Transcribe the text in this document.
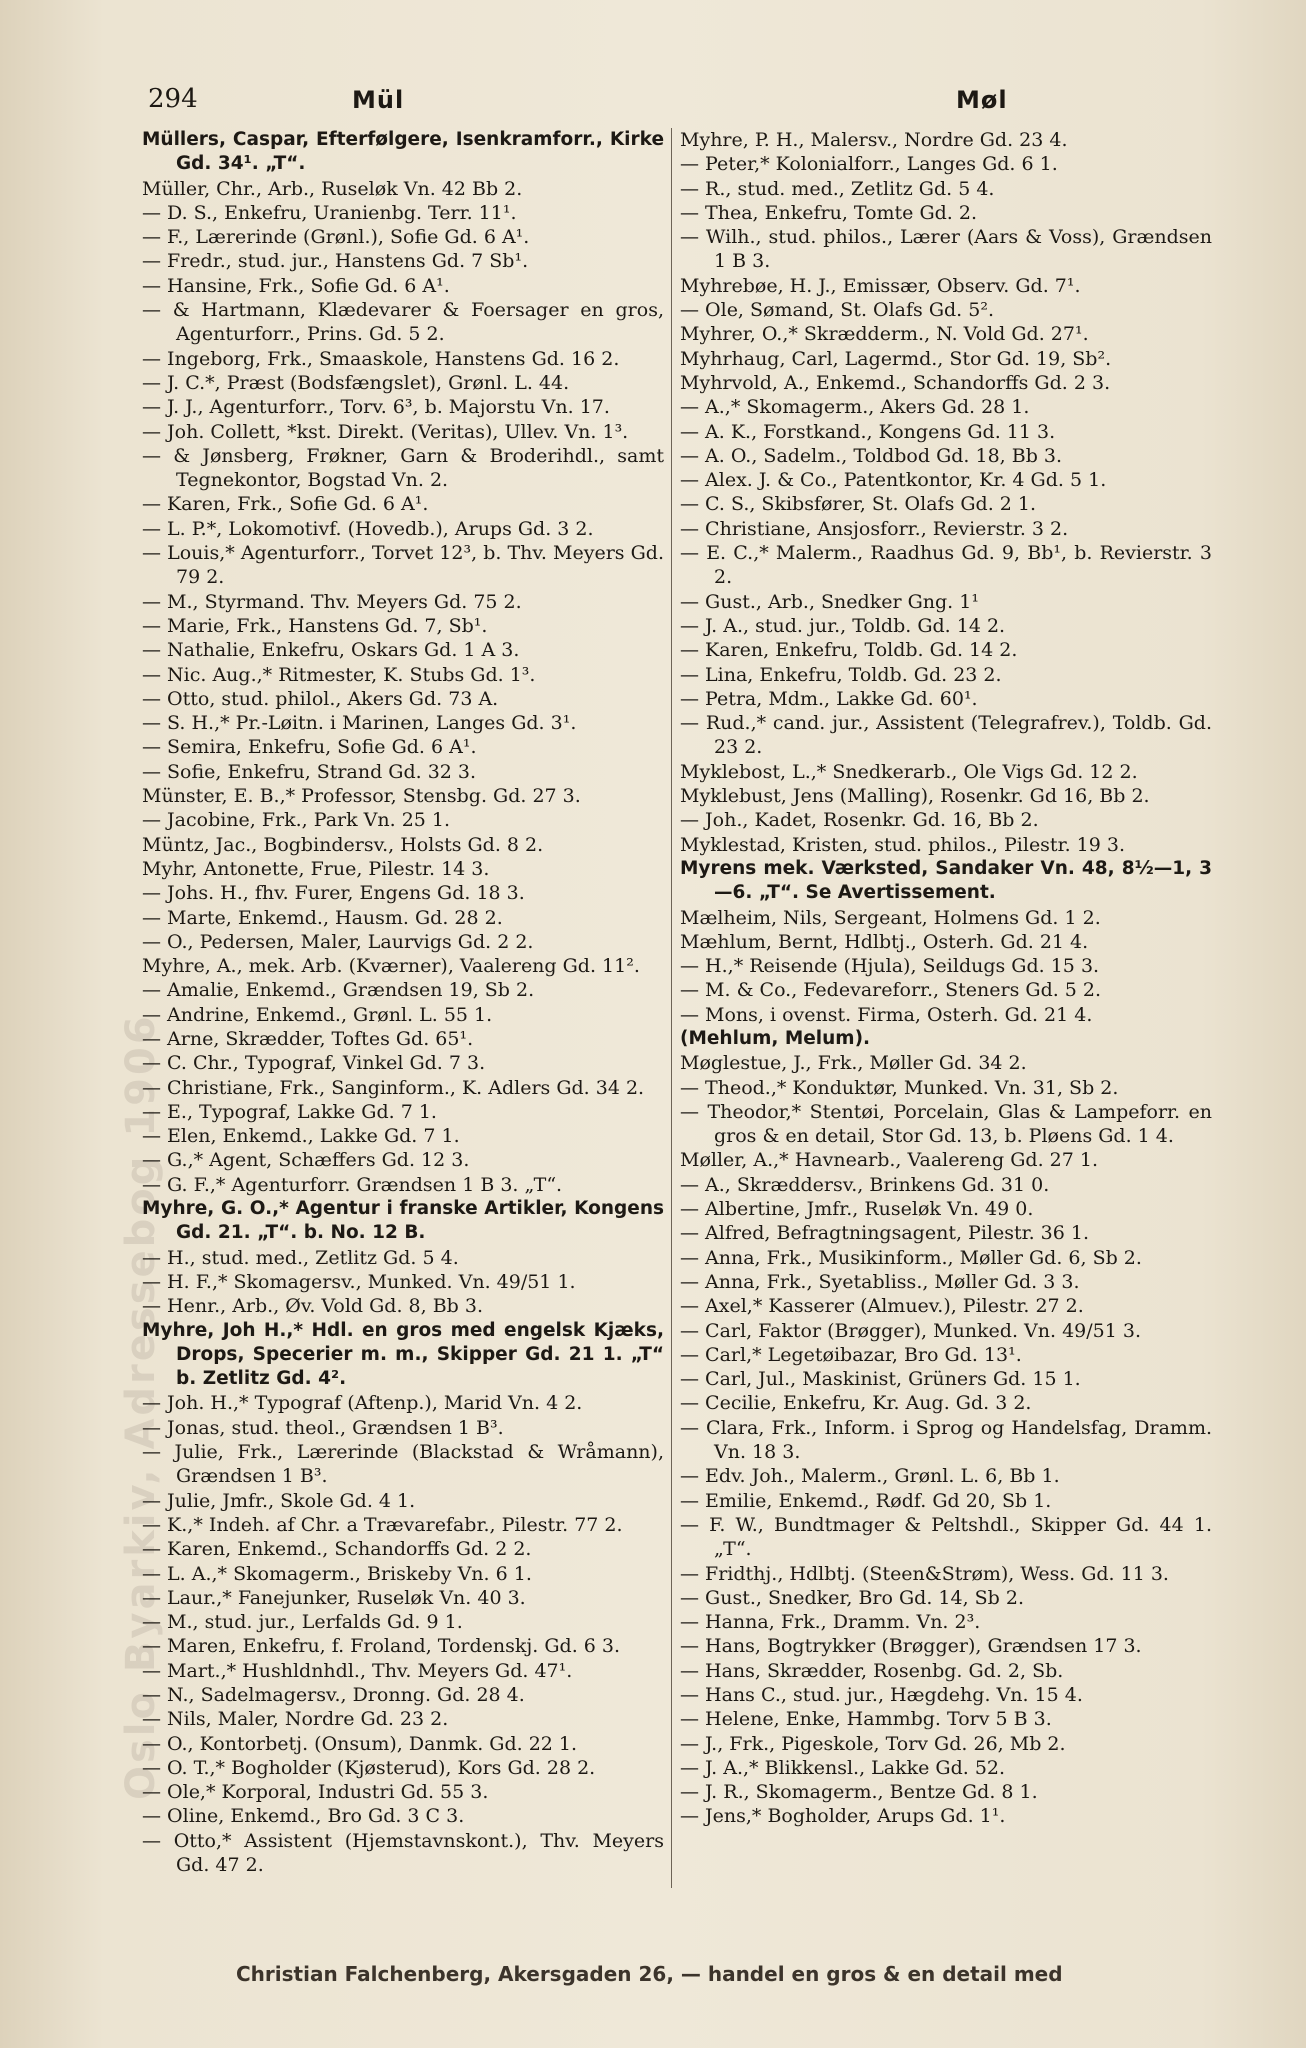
Oslo Byarkiv, Adressebog 1906
294	Mül	Møl
Müllers, Caspar, Efterfølgere, Isenkramforr., Kirke Gd. 34¹. „T“.
Müller, Chr., Arb., Ruseløk Vn. 42 Bb 2.
— D. S., Enkefru, Uranienbg. Terr. 11¹.
— F., Lærerinde (Grønl.), Sofie Gd. 6 A¹.
— Fredr., stud. jur., Hanstens Gd. 7 Sb¹.
— Hansine, Frk., Sofie Gd. 6 A¹.
— & Hartmann, Klædevarer & Foersager en gros, Agenturforr., Prins. Gd. 5 2.
— Ingeborg, Frk., Smaaskole, Hanstens Gd. 16 2.
— J. C.*, Præst (Bodsfængslet), Grønl. L. 44.
— J. J., Agenturforr., Torv. 6³, b. Majorstu Vn. 17.
— Joh. Collett, *kst. Direkt. (Veritas), Ullev. Vn. 1³.
— & Jønsberg, Frøkner, Garn & Broderihdl., samt Tegnekontor, Bogstad Vn. 2.
— Karen, Frk., Sofie Gd. 6 A¹.
— L. P.*, Lokomotivf. (Hovedb.), Arups Gd. 3 2.
— Louis,* Agenturforr., Torvet 12³, b. Thv. Meyers Gd. 79 2.
— M., Styrmand. Thv. Meyers Gd. 75 2.
— Marie, Frk., Hanstens Gd. 7, Sb¹.
— Nathalie, Enkefru, Oskars Gd. 1 A 3.
— Nic. Aug.,* Ritmester, K. Stubs Gd. 1³.
— Otto, stud. philol., Akers Gd. 73 A.
— S. H.,* Pr.-Løitn. i Marinen, Langes Gd. 3¹.
— Semira, Enkefru, Sofie Gd. 6 A¹.
— Sofie, Enkefru, Strand Gd. 32 3.
Münster, E. B.,* Professor, Stensbg. Gd. 27 3.
— Jacobine, Frk., Park Vn. 25 1.
Müntz, Jac., Bogbindersv., Holsts Gd. 8 2.
Myhr, Antonette, Frue, Pilestr. 14 3.
— Johs. H., fhv. Furer, Engens Gd. 18 3.
— Marte, Enkemd., Hausm. Gd. 28 2.
— O., Pedersen, Maler, Laurvigs Gd. 2 2.
Myhre, A., mek. Arb. (Kværner), Vaalereng Gd. 11².
— Amalie, Enkemd., Grændsen 19, Sb 2.
— Andrine, Enkemd., Grønl. L. 55 1.
— Arne, Skrædder, Toftes Gd. 65¹.
— C. Chr., Typograf, Vinkel Gd. 7 3.
— Christiane, Frk., Sanginform., K. Adlers Gd. 34 2.
— E., Typograf, Lakke Gd. 7 1.
— Elen, Enkemd., Lakke Gd. 7 1.
— G.,* Agent, Schæffers Gd. 12 3.
— G. F.,* Agenturforr. Grændsen 1 B 3. „T“.
Myhre, G. O.,* Agentur i franske Artikler, Kongens Gd. 21. „T“. b. No. 12 B.
— H., stud. med., Zetlitz Gd. 5 4.
— H. F.,* Skomagersv., Munked. Vn. 49/51 1.
— Henr., Arb., Øv. Vold Gd. 8, Bb 3.
Myhre, Joh H.,* Hdl. en gros med engelsk Kjæks, Drops, Specerier m. m., Skipper Gd. 21 1. „T“ b. Zetlitz Gd. 4².
— Joh. H.,* Typograf (Aftenp.), Marid Vn. 4 2.
— Jonas, stud. theol., Grændsen 1 B³.
— Julie, Frk., Lærerinde (Blackstad & Wråmann), Grændsen 1 B³.
— Julie, Jmfr., Skole Gd. 4 1.
— K.,* Indeh. af Chr. a Trævarefabr., Pilestr. 77 2.
— Karen, Enkemd., Schandorffs Gd. 2 2.
— L. A.,* Skomagerm., Briskeby Vn. 6 1.
— Laur.,* Fanejunker, Ruseløk Vn. 40 3.
— M., stud. jur., Lerfalds Gd. 9 1.
— Maren, Enkefru, f. Froland, Tordenskj. Gd. 6 3.
— Mart.,* Hushldnhdl., Thv. Meyers Gd. 47¹.
— N., Sadelmagersv., Dronng. Gd. 28 4.
— Nils, Maler, Nordre Gd. 23 2.
— O., Kontorbetj. (Onsum), Danmk. Gd. 22 1.
— O. T.,* Bogholder (Kjøsterud), Kors Gd. 28 2.
— Ole,* Korporal, Industri Gd. 55 3.
— Oline, Enkemd., Bro Gd. 3 C 3.
— Otto,* Assistent (Hjemstavnskont.), Thv. Meyers Gd. 47 2.
Myhre, P. H., Malersv., Nordre Gd. 23 4.
— Peter,* Kolonialforr., Langes Gd. 6 1.
— R., stud. med., Zetlitz Gd. 5 4.
— Thea, Enkefru, Tomte Gd. 2.
— Wilh., stud. philos., Lærer (Aars & Voss), Grændsen 1 B 3.
Myhrebøe, H. J., Emissær, Observ. Gd. 7¹.
— Ole, Sømand, St. Olafs Gd. 5².
Myhrer, O.,* Skrædderm., N. Vold Gd. 27¹.
Myhrhaug, Carl, Lagermd., Stor Gd. 19, Sb².
Myhrvold, A., Enkemd., Schandorffs Gd. 2 3.
— A.,* Skomagerm., Akers Gd. 28 1.
— A. K., Forstkand., Kongens Gd. 11 3.
— A. O., Sadelm., Toldbod Gd. 18, Bb 3.
— Alex. J. & Co., Patentkontor, Kr. 4 Gd. 5 1.
— C. S., Skibsfører, St. Olafs Gd. 2 1.
— Christiane, Ansjosforr., Revierstr. 3 2.
— E. C.,* Malerm., Raadhus Gd. 9, Bb¹, b. Revierstr. 3 2.
— Gust., Arb., Snedker Gng. 1¹
— J. A., stud. jur., Toldb. Gd. 14 2.
— Karen, Enkefru, Toldb. Gd. 14 2.
— Lina, Enkefru, Toldb. Gd. 23 2.
— Petra, Mdm., Lakke Gd. 60¹.
— Rud.,* cand. jur., Assistent (Telegrafrev.), Toldb. Gd. 23 2.
Myklebost, L.,* Snedkerarb., Ole Vigs Gd. 12 2.
Myklebust, Jens (Malling), Rosenkr. Gd 16, Bb 2.
— Joh., Kadet, Rosenkr. Gd. 16, Bb 2.
Myklestad, Kristen, stud. philos., Pilestr. 19 3.
Myrens mek. Værksted, Sandaker Vn. 48, 8½—1, 3—6. „T“. Se Avertissement.
Mælheim, Nils, Sergeant, Holmens Gd. 1 2.
Mæhlum, Bernt, Hdlbtj., Osterh. Gd. 21 4.
— H.,* Reisende (Hjula), Seildugs Gd. 15 3.
— M. & Co., Fedevareforr., Steners Gd. 5 2.
— Mons, i ovenst. Firma, Osterh. Gd. 21 4.
(Mehlum, Melum).
Møglestue, J., Frk., Møller Gd. 34 2.
— Theod.,* Konduktør, Munked. Vn. 31, Sb 2.
— Theodor,* Stentøi, Porcelain, Glas & Lampeforr. en gros & en detail, Stor Gd. 13, b. Pløens Gd. 1 4.
Møller, A.,* Havnearb., Vaalereng Gd. 27 1.
— A., Skræddersv., Brinkens Gd. 31 0.
— Albertine, Jmfr., Ruseløk Vn. 49 0.
— Alfred, Befragtningsagent, Pilestr. 36 1.
— Anna, Frk., Musikinform., Møller Gd. 6, Sb 2.
— Anna, Frk., Syetabliss., Møller Gd. 3 3.
— Axel,* Kasserer (Almuev.), Pilestr. 27 2.
— Carl, Faktor (Brøgger), Munked. Vn. 49/51 3.
— Carl,* Legetøibazar, Bro Gd. 13¹.
— Carl, Jul., Maskinist, Grüners Gd. 15 1.
— Cecilie, Enkefru, Kr. Aug. Gd. 3 2.
— Clara, Frk., Inform. i Sprog og Handelsfag, Dramm. Vn. 18 3.
— Edv. Joh., Malerm., Grønl. L. 6, Bb 1.
— Emilie, Enkemd., Rødf. Gd 20, Sb 1.
— F. W., Bundtmager & Peltshdl., Skipper Gd. 44 1. „T“.
— Fridthj., Hdlbtj. (Steen&Strøm), Wess. Gd. 11 3.
— Gust., Snedker, Bro Gd. 14, Sb 2.
— Hanna, Frk., Dramm. Vn. 2³.
— Hans, Bogtrykker (Brøgger), Grændsen 17 3.
— Hans, Skrædder, Rosenbg. Gd. 2, Sb.
— Hans C., stud. jur., Hægdehg. Vn. 15 4.
— Helene, Enke, Hammbg. Torv 5 B 3.
— J., Frk., Pigeskole, Torv Gd. 26, Mb 2.
— J. A.,* Blikkensl., Lakke Gd. 52.
— J. R., Skomagerm., Bentze Gd. 8 1.
— Jens,* Bogholder, Arups Gd. 1¹.
Christian Falchenberg, Akersgaden 26, — handel en gros & en detail med
